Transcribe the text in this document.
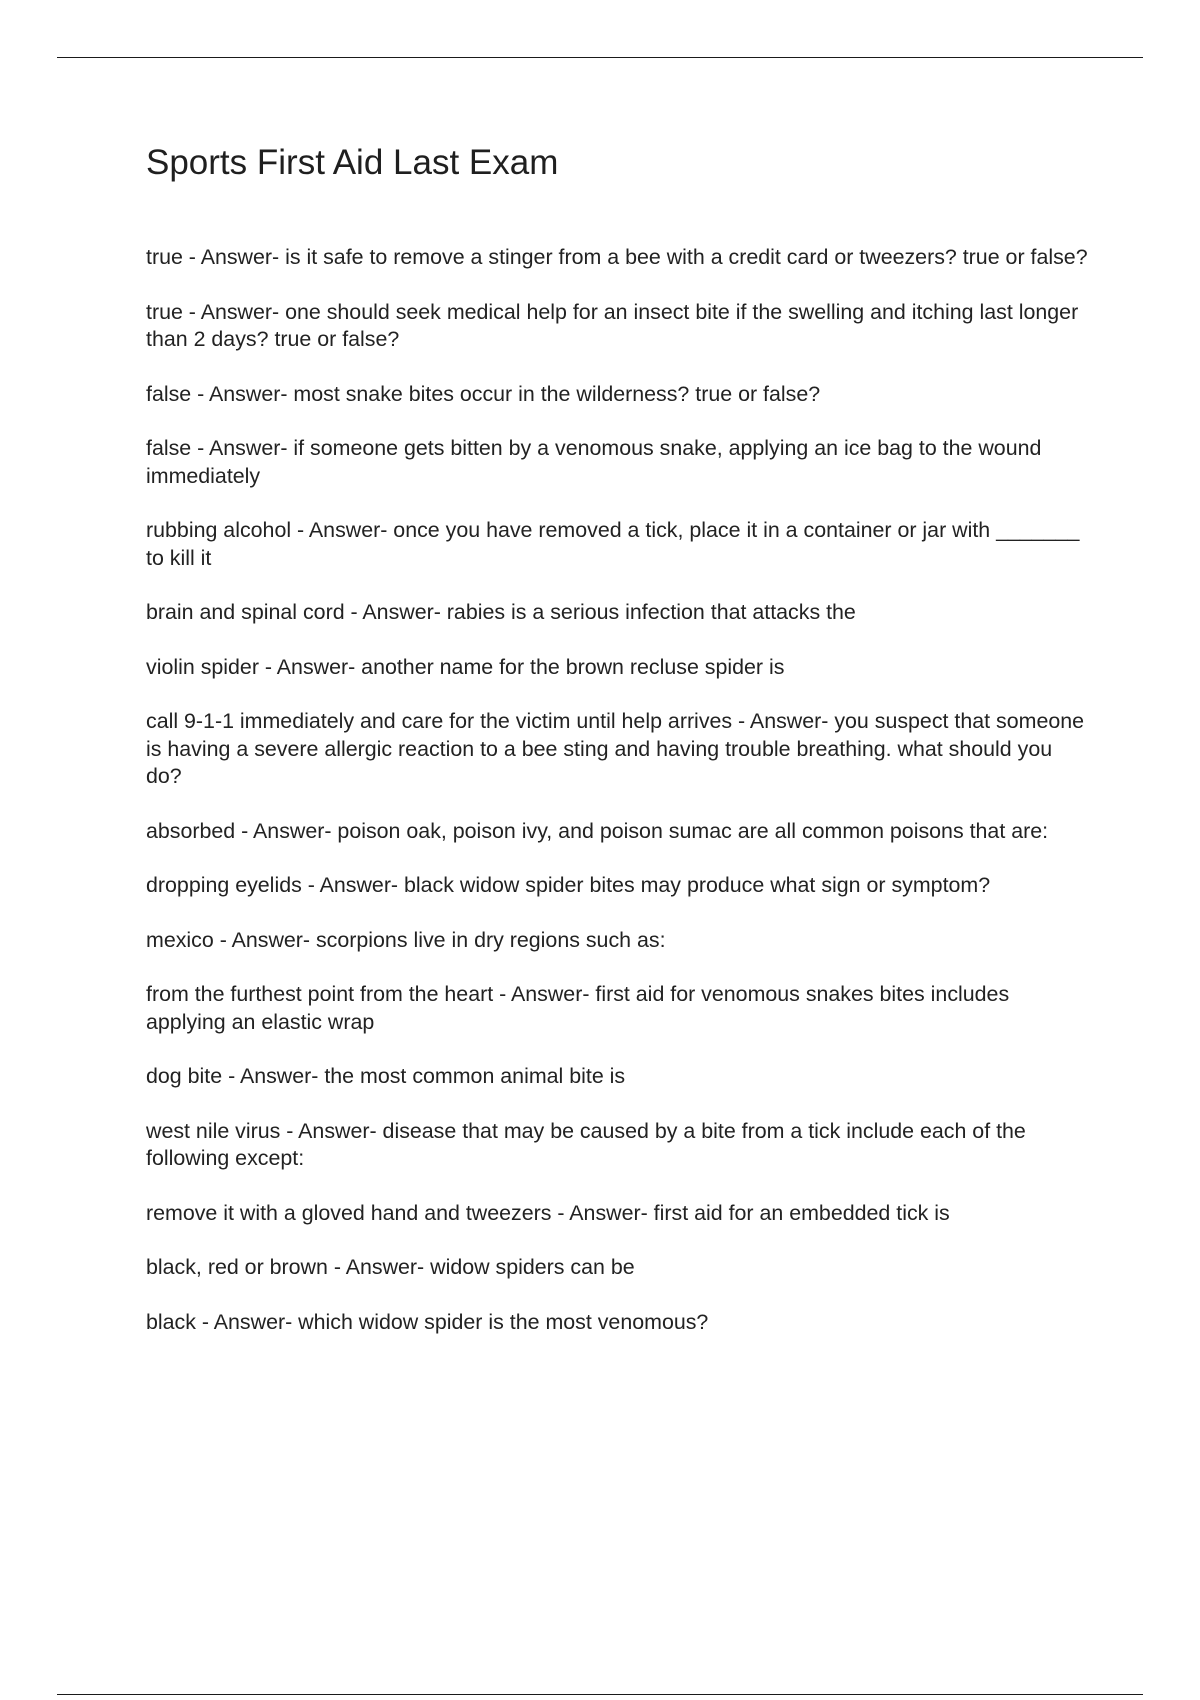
Sports First Aid Last Exam
true - Answer- is it safe to remove a stinger from a bee with a credit card or tweezers? true or false?
true - Answer- one should seek medical help for an insect bite if the swelling and itching last longer than 2 days? true or false?
false - Answer- most snake bites occur in the wilderness? true or false?
false - Answer- if someone gets bitten by a venomous snake, applying an ice bag to the wound immediately
rubbing alcohol - Answer- once you have removed a tick, place it in a container or jar with _______ to kill it
brain and spinal cord - Answer- rabies is a serious infection that attacks the
violin spider - Answer- another name for the brown recluse spider is
call 9-1-1 immediately and care for the victim until help arrives - Answer- you suspect that someone is having a severe allergic reaction to a bee sting and having trouble breathing. what should you do?
absorbed - Answer- poison oak, poison ivy, and poison sumac are all common poisons that are:
dropping eyelids - Answer- black widow spider bites may produce what sign or symptom?
mexico - Answer- scorpions live in dry regions such as:
from the furthest point from the heart - Answer- first aid for venomous snakes bites includes applying an elastic wrap
dog bite - Answer- the most common animal bite is
west nile virus - Answer- disease that may be caused by a bite from a tick include each of the following except:
remove it with a gloved hand and tweezers - Answer- first aid for an embedded tick is
black, red or brown - Answer- widow spiders can be
black - Answer- which widow spider is the most venomous?
